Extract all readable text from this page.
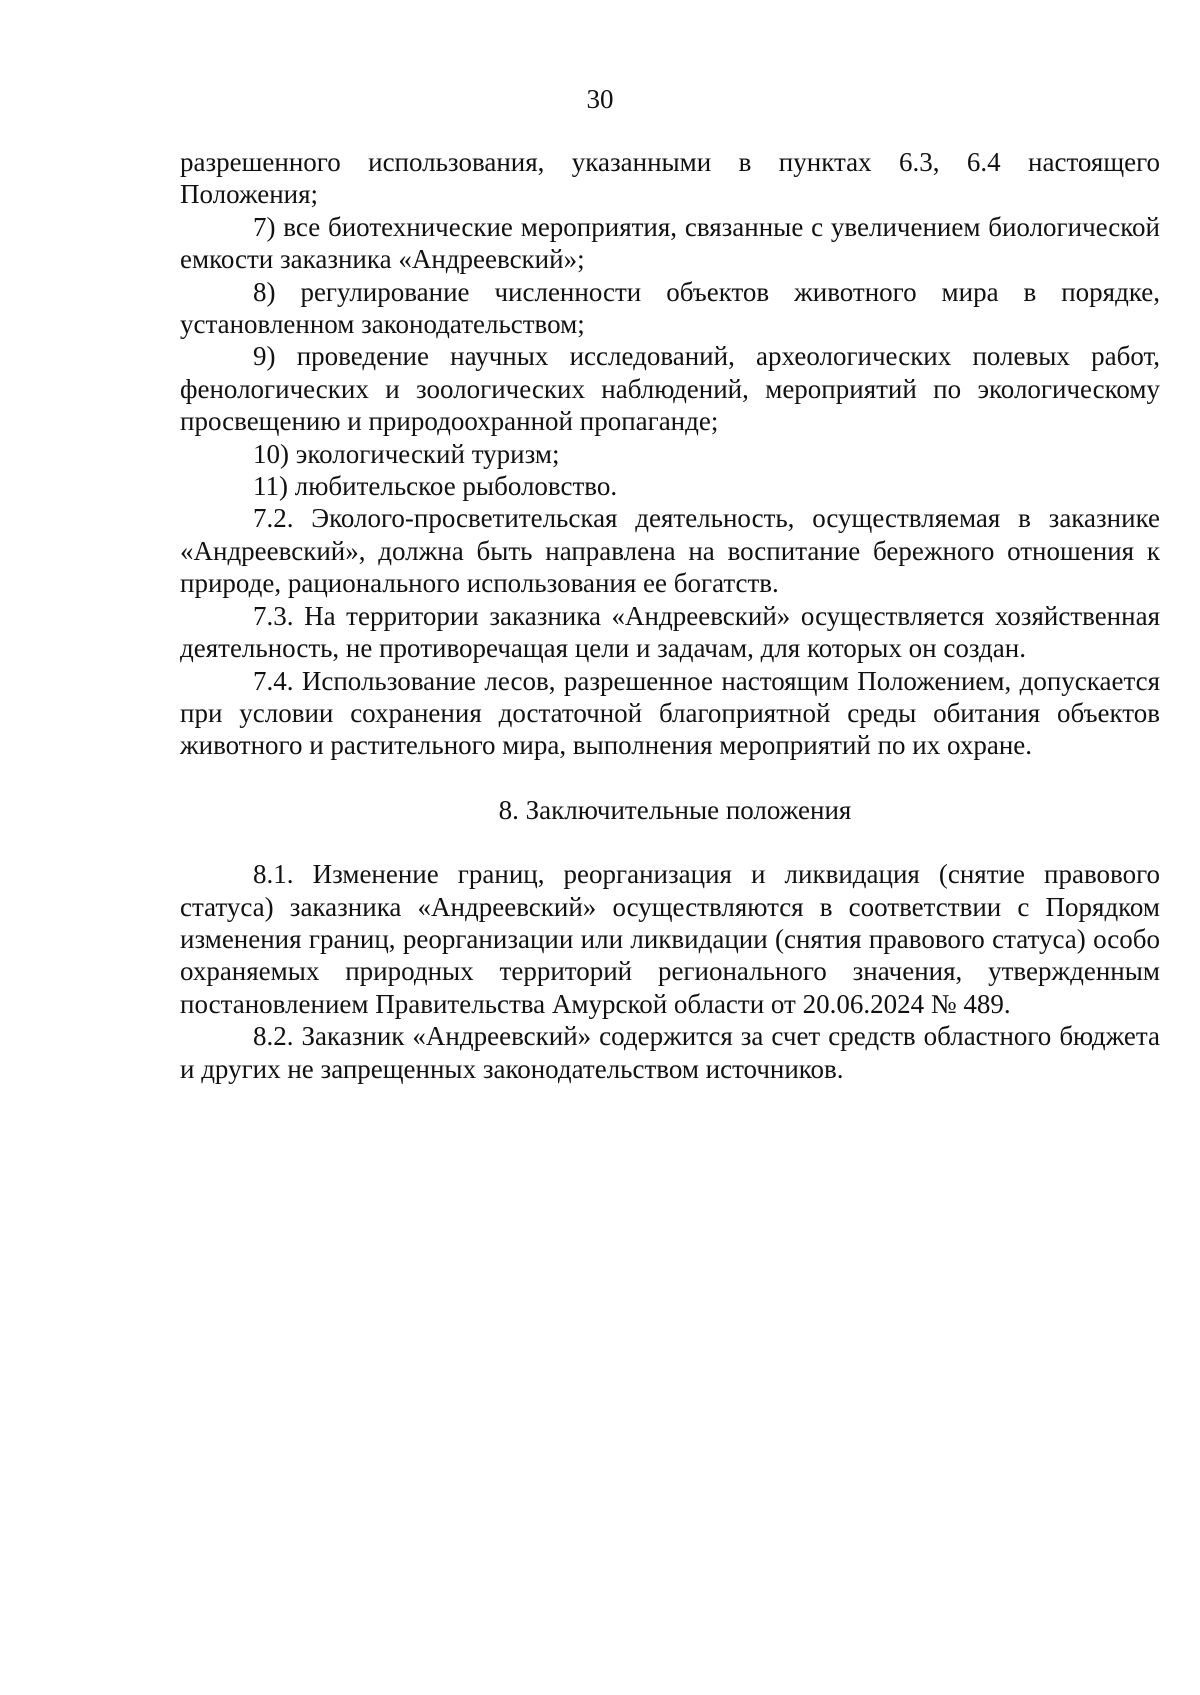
30

разрешенного использования, указанными в пунктах 6.3, 6.4 настоящего Положения;

7) все биотехнические мероприятия, связанные с увеличением биологической емкости заказника «Андреевский»;

8) регулирование численности объектов животного мира в порядке, установленном законодательством;

9) проведение научных исследований, археологических полевых работ, фенологических и зоологических наблюдений, мероприятий по экологическому просвещению и природоохранной пропаганде;

10) экологический туризм;

11) любительское рыболовство.

7.2. Эколого-просветительская деятельность, осуществляемая в заказнике «Андреевский», должна быть направлена на воспитание бережного отношения к природе, рационального использования ее богатств.

7.3. На территории заказника «Андреевский» осуществляется хозяйственная деятельность, не противоречащая цели и задачам, для которых он создан.

7.4. Использование лесов, разрешенное настоящим Положением, допускается при условии сохранения достаточной благоприятной среды обитания объектов животного и растительного мира, выполнения мероприятий по их охране.

8. Заключительные положения

8.1. Изменение границ, реорганизация и ликвидация (снятие правового статуса) заказника «Андреевский» осуществляются в соответствии с Порядком изменения границ, реорганизации или ликвидации (снятия правового статуса) особо охраняемых природных территорий регионального значения, утвержденным постановлением Правительства Амурской области от 20.06.2024 № 489.

8.2. Заказник «Андреевский» содержится за счет средств областного бюджета и других не запрещенных законодательством источников.
